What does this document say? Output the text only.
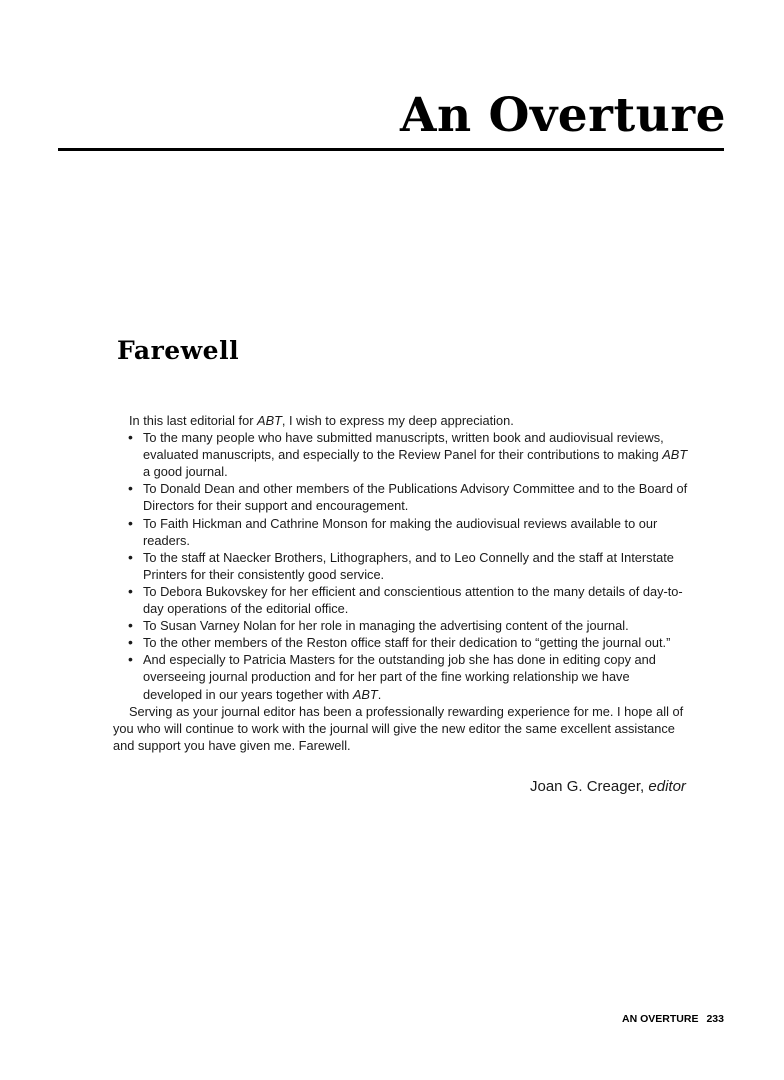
An Overture
Farewell

In this last editorial for ABT, I wish to express my deep appreciation.

• To the many people who have submitted manuscripts, written book and audiovisual reviews, evaluated manuscripts, and especially to the Review Panel for their contributions to making ABT a good journal.
• To Donald Dean and other members of the Publications Advisory Committee and to the Board of Directors for their support and encouragement.
• To Faith Hickman and Cathrine Monson for making the audiovisual reviews available to our readers.
• To the staff at Naecker Brothers, Lithographers, and to Leo Connelly and the staff at Interstate Printers for their consistently good service.
• To Debora Bukovskey for her efficient and conscientious attention to the many details of day-to-day operations of the editorial office.
• To Susan Varney Nolan for her role in managing the advertising content of the journal.
• To the other members of the Reston office staff for their dedication to “getting the journal out.”
• And especially to Patricia Masters for the outstanding job she has done in editing copy and overseeing journal production and for her part of the fine working relationship we have developed in our years together with ABT.

Serving as your journal editor has been a professionally rewarding experience for me. I hope all of you who will continue to work with the journal will give the new editor the same excellent assistance and support you have given me. Farewell.

Joan G. Creager, editor
AN OVERTURE 233
